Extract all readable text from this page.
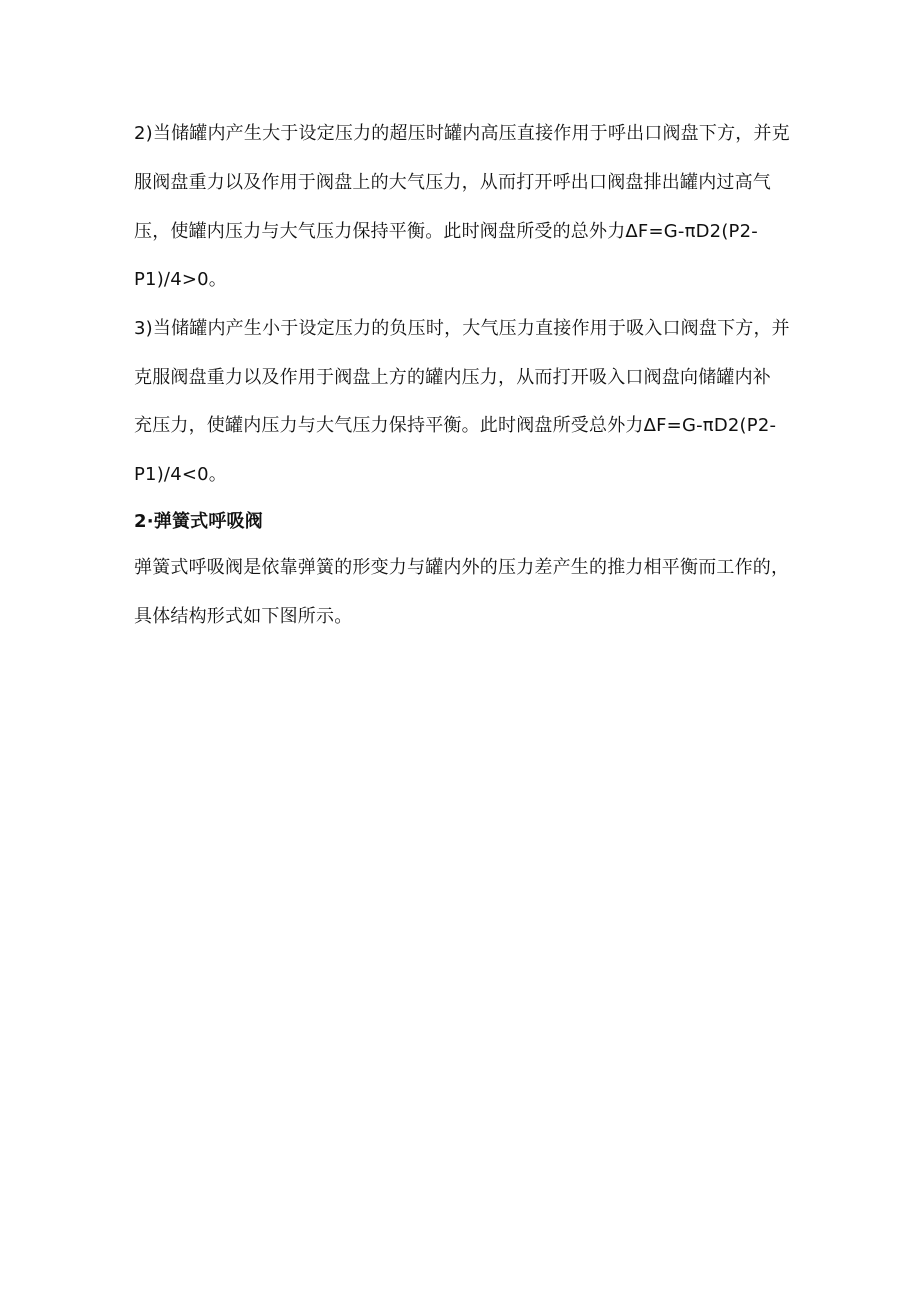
2)当储罐内产生大于设定压力的超压时罐内高压直接作用于呼出口阀盘下方，并克
服阀盘重力以及作用于阀盘上的大气压力，从而打开呼出口阀盘排出罐内过高气
压，使罐内压力与大气压力保持平衡。此时阀盘所受的总外力ΔF=G-πD2(P2-
P1)∕4>0。
3)当储罐内产生小于设定压力的负压时，大气压力直接作用于吸入口阀盘下方，并
克服阀盘重力以及作用于阀盘上方的罐内压力，从而打开吸入口阀盘向储罐内补
充压力，使罐内压力与大气压力保持平衡。此时阀盘所受总外力ΔF=G-πD2(P2-
P1)∕4<0。
2·弹簧式呼吸阀
弹簧式呼吸阀是依靠弹簧的形变力与罐内外的压力差产生的推力相平衡而工作的，
具体结构形式如下图所示。
